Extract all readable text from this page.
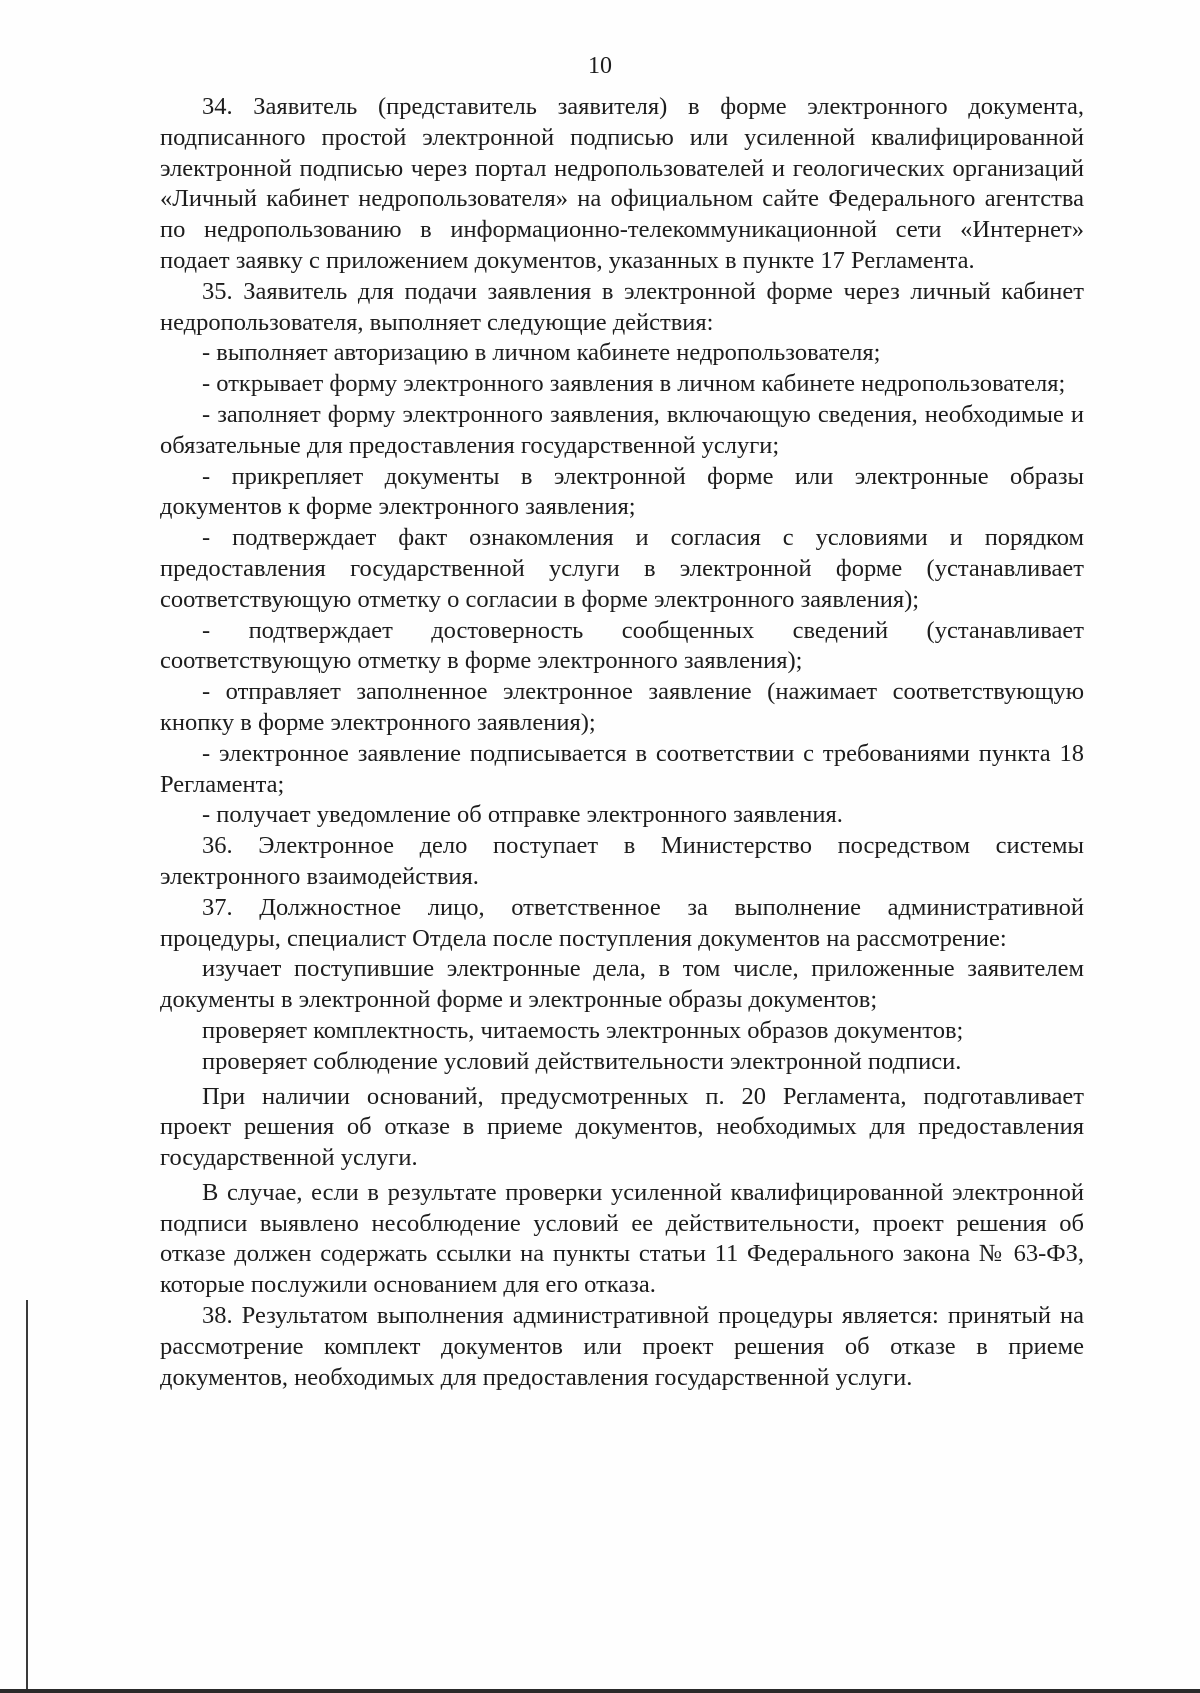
10

34. Заявитель (представитель заявителя) в форме электронного документа, подписанного простой электронной подписью или усиленной квалифицированной электронной подписью через портал недропользователей и геологических организаций «Личный кабинет недропользователя» на официальном сайте Федерального агентства по недропользованию в информационно-телекоммуникационной сети «Интернет» подает заявку с приложением документов, указанных в пункте 17 Регламента.

35. Заявитель для подачи заявления в электронной форме через личный кабинет недропользователя, выполняет следующие действия:

- выполняет авторизацию в личном кабинете недропользователя;

- открывает форму электронного заявления в личном кабинете недропользователя;

- заполняет форму электронного заявления, включающую сведения, необходимые и обязательные для предоставления государственной услуги;

- прикрепляет документы в электронной форме или электронные образы документов к форме электронного заявления;

- подтверждает факт ознакомления и согласия с условиями и порядком предоставления государственной услуги в электронной форме (устанавливает соответствующую отметку о согласии в форме электронного заявления);

- подтверждает достоверность сообщенных сведений (устанавливает соответствующую отметку в форме электронного заявления);

- отправляет заполненное электронное заявление (нажимает соответствующую кнопку в форме электронного заявления);

- электронное заявление подписывается в соответствии с требованиями пункта 18 Регламента;

- получает уведомление об отправке электронного заявления.

36. Электронное дело поступает в Министерство посредством системы электронного взаимодействия.

37. Должностное лицо, ответственное за выполнение административной процедуры, специалист Отдела после поступления документов на рассмотрение:

изучает поступившие электронные дела, в том числе, приложенные заявителем документы в электронной форме и электронные образы документов;

проверяет комплектность, читаемость электронных образов документов;

проверяет соблюдение условий действительности электронной подписи.

При наличии оснований, предусмотренных п. 20 Регламента, подготавливает проект решения об отказе в приеме документов, необходимых для предоставления государственной услуги.

В случае, если в результате проверки усиленной квалифицированной электронной подписи выявлено несоблюдение условий ее действительности, проект решения об отказе должен содержать ссылки на пункты статьи 11 Федерального закона № 63-ФЗ, которые послужили основанием для его отказа.

38. Результатом выполнения административной процедуры является: принятый на рассмотрение комплект документов или проект решения об отказе в приеме документов, необходимых для предоставления государственной услуги.
